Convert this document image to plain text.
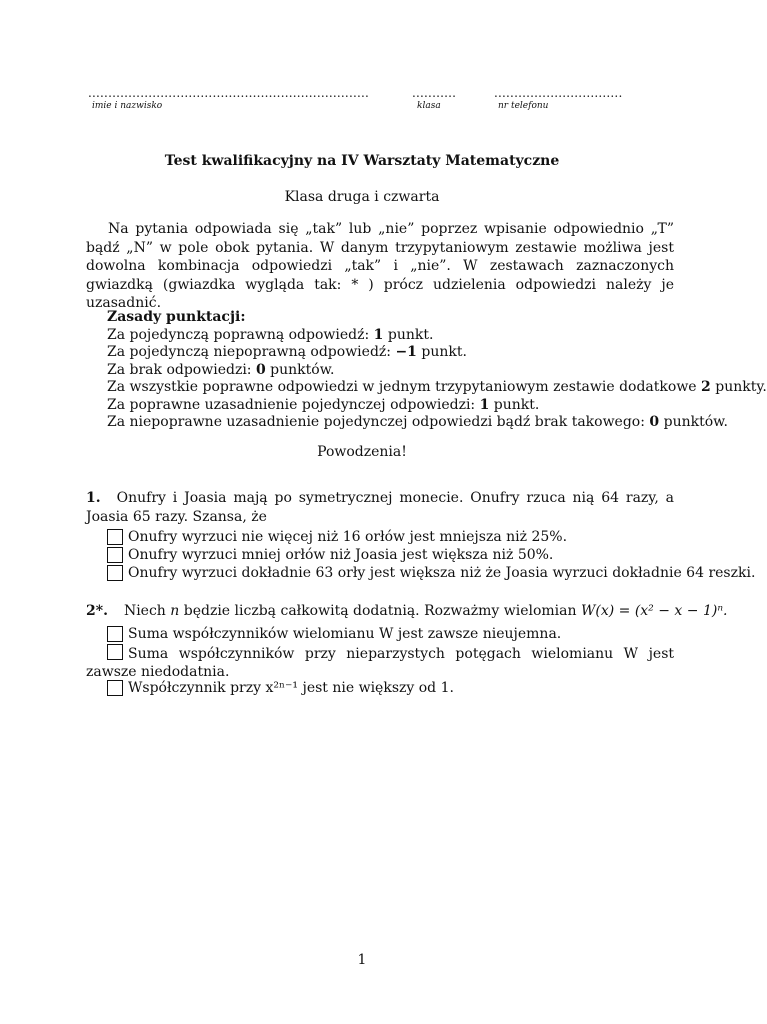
......................................................................
imie i nazwisko
...........
klasa
................................
nr telefonu
Test kwalifikacyjny na IV Warsztaty Matematyczne
Klasa druga i czwarta
Na pytania odpowiada się „tak” lub „nie” poprzez wpisanie odpowiednio „T” bądź „N” w pole obok pytania. W danym trzypytaniowym zestawie możliwa jest dowolna kombinacja odpowiedzi „tak” i „nie”. W zestawach zaznaczonych gwiazdką (gwiazdka wygląda tak: * ) prócz udzielenia odpowiedzi należy je uzasadnić.
Zasady punktacji:
Za pojedynczą poprawną odpowiedź: 1 punkt.
Za pojedynczą niepoprawną odpowiedź: −1 punkt.
Za brak odpowiedzi: 0 punktów.
Za wszystkie poprawne odpowiedzi w jednym trzypytaniowym zestawie dodatkowe 2 punkty.
Za poprawne uzasadnienie pojedynczej odpowiedzi: 1 punkt.
Za niepoprawne uzasadnienie pojedynczej odpowiedzi bądź brak takowego: 0 punktów.
Powodzenia!
1. Onufry i Joasia mają po symetrycznej monecie. Onufry rzuca nią 64 razy, a Joasia 65 razy. Szansa, że
Onufry wyrzuci nie więcej niż 16 orłów jest mniejsza niż 25%.
Onufry wyrzuci mniej orłów niż Joasia jest większa niż 50%.
Onufry wyrzuci dokładnie 63 orły jest większa niż że Joasia wyrzuci dokładnie 64 reszki.
2*. Niech n będzie liczbą całkowitą dodatnią. Rozważmy wielomian W(x) = (x² − x − 1)ⁿ.
Suma współczynników wielomianu W jest zawsze nieujemna.
Suma współczynników przy nieparzystych potęgach wielomianu W jest zawsze niedodatnia.
Współczynnik przy x²ⁿ⁻¹ jest nie większy od 1.
1
